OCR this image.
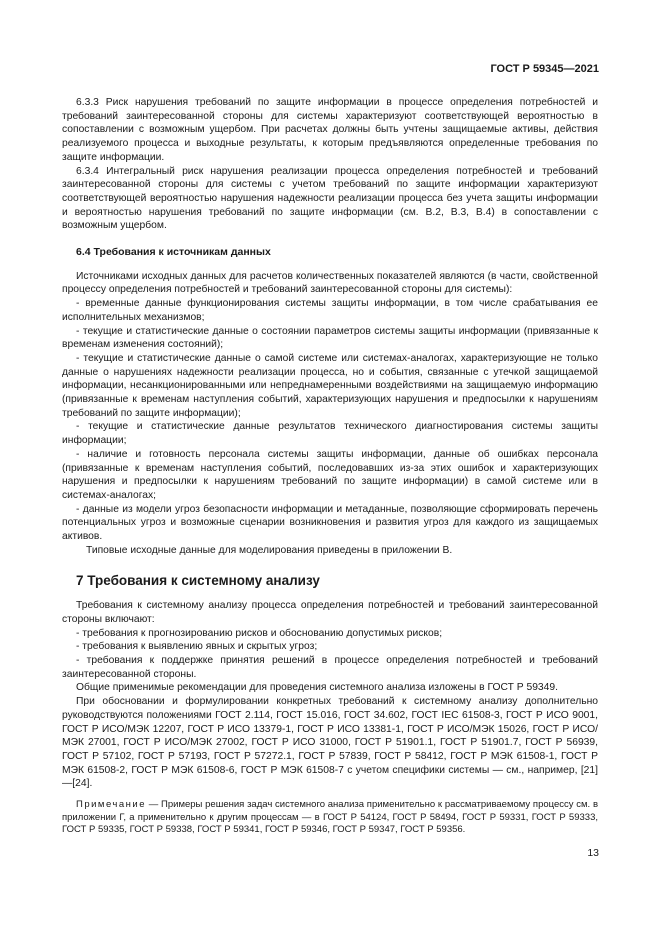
ГОСТ Р 59345—2021

6.3.3 Риск нарушения требований по защите информации в процессе определения потребностей и требований заинтересованной стороны для системы характеризуют соответствующей вероятностью в сопоставлении с возможным ущербом. При расчетах должны быть учтены защищаемые активы, действия реализуемого процесса и выходные результаты, к которым предъявляются определенные требования по защите информации.

6.3.4 Интегральный риск нарушения реализации процесса определения потребностей и требований заинтересованной стороны для системы с учетом требований по защите информации характеризуют соответствующей вероятностью нарушения надежности реализации процесса без учета защиты информации и вероятностью нарушения требований по защите информации (см. В.2, В.3, В.4) в сопоставлении с возможным ущербом.

6.4 Требования к источникам данных

Источниками исходных данных для расчетов количественных показателей являются (в части, свойственной процессу определения потребностей и требований заинтересованной стороны для системы):

- временные данные функционирования системы защиты информации, в том числе срабатывания ее исполнительных механизмов;

- текущие и статистические данные о состоянии параметров системы защиты информации (привязанные к временам изменения состояний);

- текущие и статистические данные о самой системе или системах-аналогах, характеризующие не только данные о нарушениях надежности реализации процесса, но и события, связанные с утечкой защищаемой информации, несанкционированными или непреднамеренными воздействиями на защищаемую информацию (привязанные к временам наступления событий, характеризующих нарушения и предпосылки к нарушениям требований по защите информации);

- текущие и статистические данные результатов технического диагностирования системы защиты информации;

- наличие и готовность персонала системы защиты информации, данные об ошибках персонала (привязанные к временам наступления событий, последовавших из-за этих ошибок и характеризующих нарушения и предпосылки к нарушениям требований по защите информации) в самой системе или в системах-аналогах;

- данные из модели угроз безопасности информации и метаданные, позволяющие сформировать перечень потенциальных угроз и возможные сценарии возникновения и развития угроз для каждого из защищаемых активов.

Типовые исходные данные для моделирования приведены в приложении В.

7 Требования к системному анализу

Требования к системному анализу процесса определения потребностей и требований заинтересованной стороны включают:

- требования к прогнозированию рисков и обоснованию допустимых рисков;

- требования к выявлению явных и скрытых угроз;

- требования к поддержке принятия решений в процессе определения потребностей и требований заинтересованной стороны.

Общие применимые рекомендации для проведения системного анализа изложены в ГОСТ Р 59349.

При обосновании и формулировании конкретных требований к системному анализу дополнительно руководствуются положениями ГОСТ 2.114, ГОСТ 15.016, ГОСТ 34.602, ГОСТ IEC 61508-3, ГОСТ Р ИСО 9001, ГОСТ Р ИСО/МЭК 12207, ГОСТ Р ИСО 13379-1, ГОСТ Р ИСО 13381-1, ГОСТ Р ИСО/МЭК 15026, ГОСТ Р ИСО/МЭК 27001, ГОСТ Р ИСО/МЭК 27002, ГОСТ Р ИСО 31000, ГОСТ Р 51901.1, ГОСТ Р 51901.7, ГОСТ Р 56939, ГОСТ Р 57102, ГОСТ Р 57193, ГОСТ Р 57272.1, ГОСТ Р 57839, ГОСТ Р 58412, ГОСТ Р МЭК 61508-1, ГОСТ Р МЭК 61508-2, ГОСТ Р МЭК 61508-6, ГОСТ Р МЭК 61508-7 с учетом специфики системы — см., например, [21]—[24].

Примечание — Примеры решения задач системного анализа применительно к рассматриваемому процессу см. в приложении Г, а применительно к другим процессам — в ГОСТ Р 54124, ГОСТ Р 58494, ГОСТ Р 59331, ГОСТ Р 59333, ГОСТ Р 59335, ГОСТ Р 59338, ГОСТ Р 59341, ГОСТ Р 59346, ГОСТ Р 59347, ГОСТ Р 59356.

13
